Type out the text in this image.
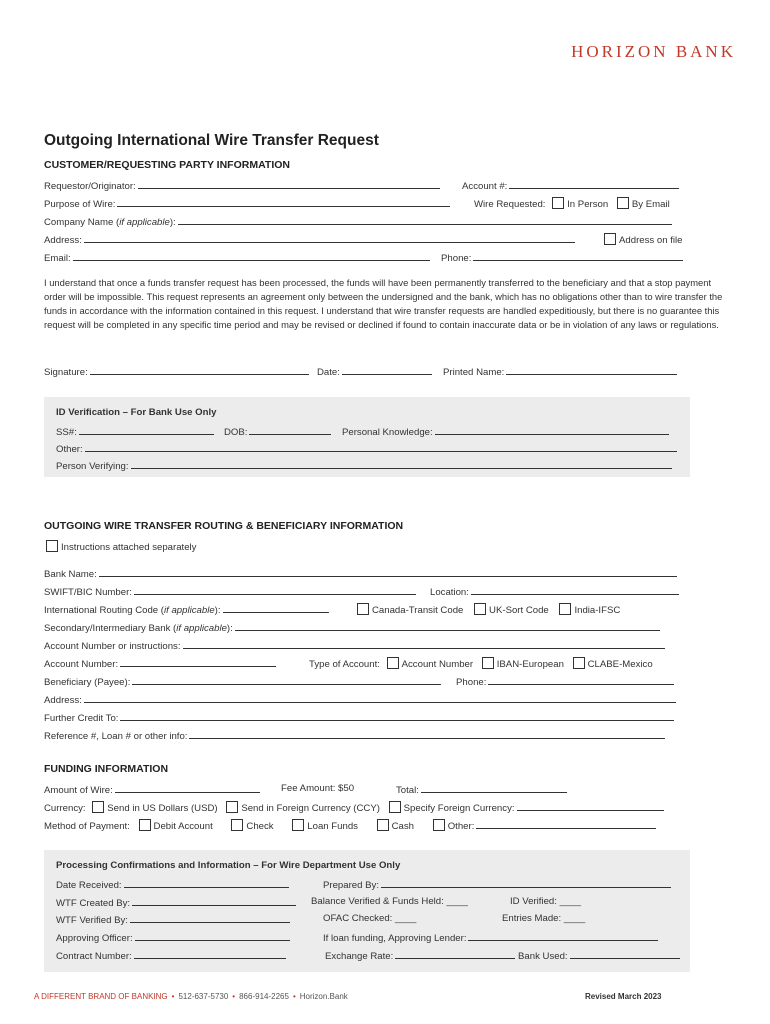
HORIZON BANK
Outgoing International Wire Transfer Request
CUSTOMER/REQUESTING PARTY INFORMATION
Requestor/Originator:	Account #:
Purpose of Wire:	Wire Requested: In Person By Email
Company Name (if applicable):
Address:	Address on file
Email:	Phone:
I understand that once a funds transfer request has been processed, the funds will have been permanently transferred to the beneficiary and that a stop payment order will be impossible. This request represents an agreement only between the undersigned and the bank, which has no obligations other than to wire transfer the funds in accordance with the information contained in this request. I understand that wire transfer requests are handled expeditiously, but there is no guarantee this request will be completed in any specific time period and may be revised or declined if found to contain inaccurate data or be in violation of any laws or regulations.
Signature:	Date:	Printed Name:
ID Verification – For Bank Use Only
SS#:	DOB:	Personal Knowledge:
Other:
Person Verifying:
OUTGOING WIRE TRANSFER ROUTING & BENEFICIARY INFORMATION
Instructions attached separately
Bank Name:
SWIFT/BIC Number:	Location:
International Routing Code (if applicable):	Canada-Transit Code	UK-Sort Code	India-IFSC
Secondary/Intermediary Bank (if applicable):
Account Number or instructions:
Account Number:	Type of Account: Account Number IBAN-European CLABE-Mexico
Beneficiary (Payee):	Phone:
Address:
Further Credit To:
Reference #, Loan # or other info:
FUNDING INFORMATION
Amount of Wire:	Fee Amount: $50	Total:
Currency: Send in US Dollars (USD) Send in Foreign Currency (CCY) Specify Foreign Currency:
Method of Payment: Debit Account	Check	Loan Funds	Cash	Other:
Processing Confirmations and Information – For Wire Department Use Only
Date Received:	Prepared By:
WTF Created By:	Balance Verified & Funds Held: ____	ID Verified: ____
WTF Verified By:	OFAC Checked: ____	Entries Made: ____
Approving Officer:	If loan funding, Approving Lender:
Contract Number:	Exchange Rate:	Bank Used:
A DIFFERENT BRAND OF BANKING • 512-637-5730 • 866-914-2265 • Horizon.Bank	Revised March 2023
